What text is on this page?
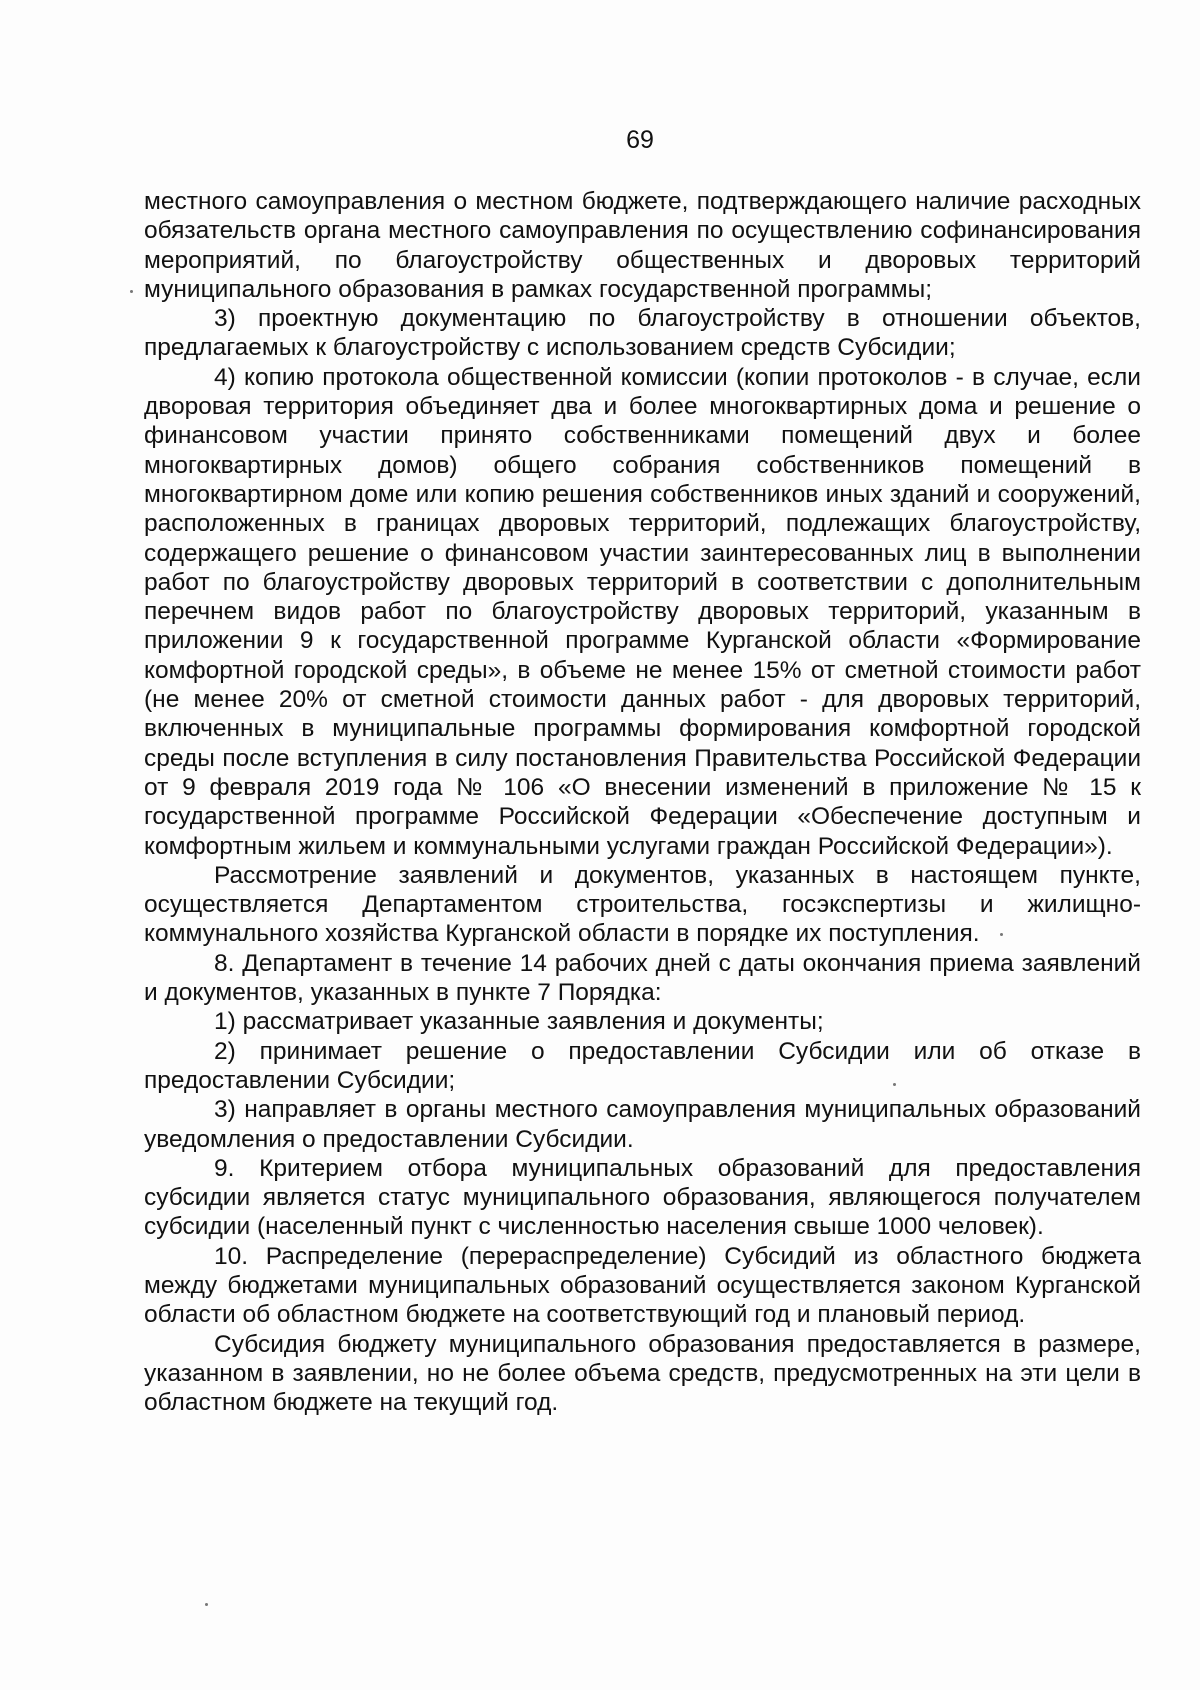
69

местного самоуправления о местном бюджете, подтверждающего наличие расходных обязательств органа местного самоуправления по осуществлению софинансирования мероприятий, по благоустройству общественных и дворовых территорий муниципального образования в рамках государственной программы;

3) проектную документацию по благоустройству в отношении объектов, предлагаемых к благоустройству с использованием средств Субсидии;

4) копию протокола общественной комиссии (копии протоколов - в случае, если дворовая территория объединяет два и более многоквартирных дома и решение о финансовом участии принято собственниками помещений двух и более многоквартирных домов) общего собрания собственников помещений в многоквартирном доме или копию решения собственников иных зданий и сооружений, расположенных в границах дворовых территорий, подлежащих благоустройству, содержащего решение о финансовом участии заинтересованных лиц в выполнении работ по благоустройству дворовых территорий в соответствии с дополнительным перечнем видов работ по благоустройству дворовых территорий, указанным в приложении 9 к государственной программе Курганской области «Формирование комфортной городской среды», в объеме не менее 15% от сметной стоимости работ (не менее 20% от сметной стоимости данных работ - для дворовых территорий, включенных в муниципальные программы формирования комфортной городской среды после вступления в силу постановления Правительства Российской Федерации от 9 февраля 2019 года № 106 «О внесении изменений в приложение № 15 к государственной программе Российской Федерации «Обеспечение доступным и комфортным жильем и коммунальными услугами граждан Российской Федерации»).

Рассмотрение заявлений и документов, указанных в настоящем пункте, осуществляется Департаментом строительства, госэкспертизы и жилищно-коммунального хозяйства Курганской области в порядке их поступления.

8. Департамент в течение 14 рабочих дней с даты окончания приема заявлений и документов, указанных в пункте 7 Порядка:

1) рассматривает указанные заявления и документы;

2) принимает решение о предоставлении Субсидии или об отказе в предоставлении Субсидии;

3) направляет в органы местного самоуправления муниципальных образований уведомления о предоставлении Субсидии.

9. Критерием отбора муниципальных образований для предоставления субсидии является статус муниципального образования, являющегося получателем субсидии (населенный пункт с численностью населения свыше 1000 человек).

10. Распределение (перераспределение) Субсидий из областного бюджета между бюджетами муниципальных образований осуществляется законом Курганской области об областном бюджете на соответствующий год и плановый период.

Субсидия бюджету муниципального образования предоставляется в размере, указанном в заявлении, но не более объема средств, предусмотренных на эти цели в областном бюджете на текущий год.
